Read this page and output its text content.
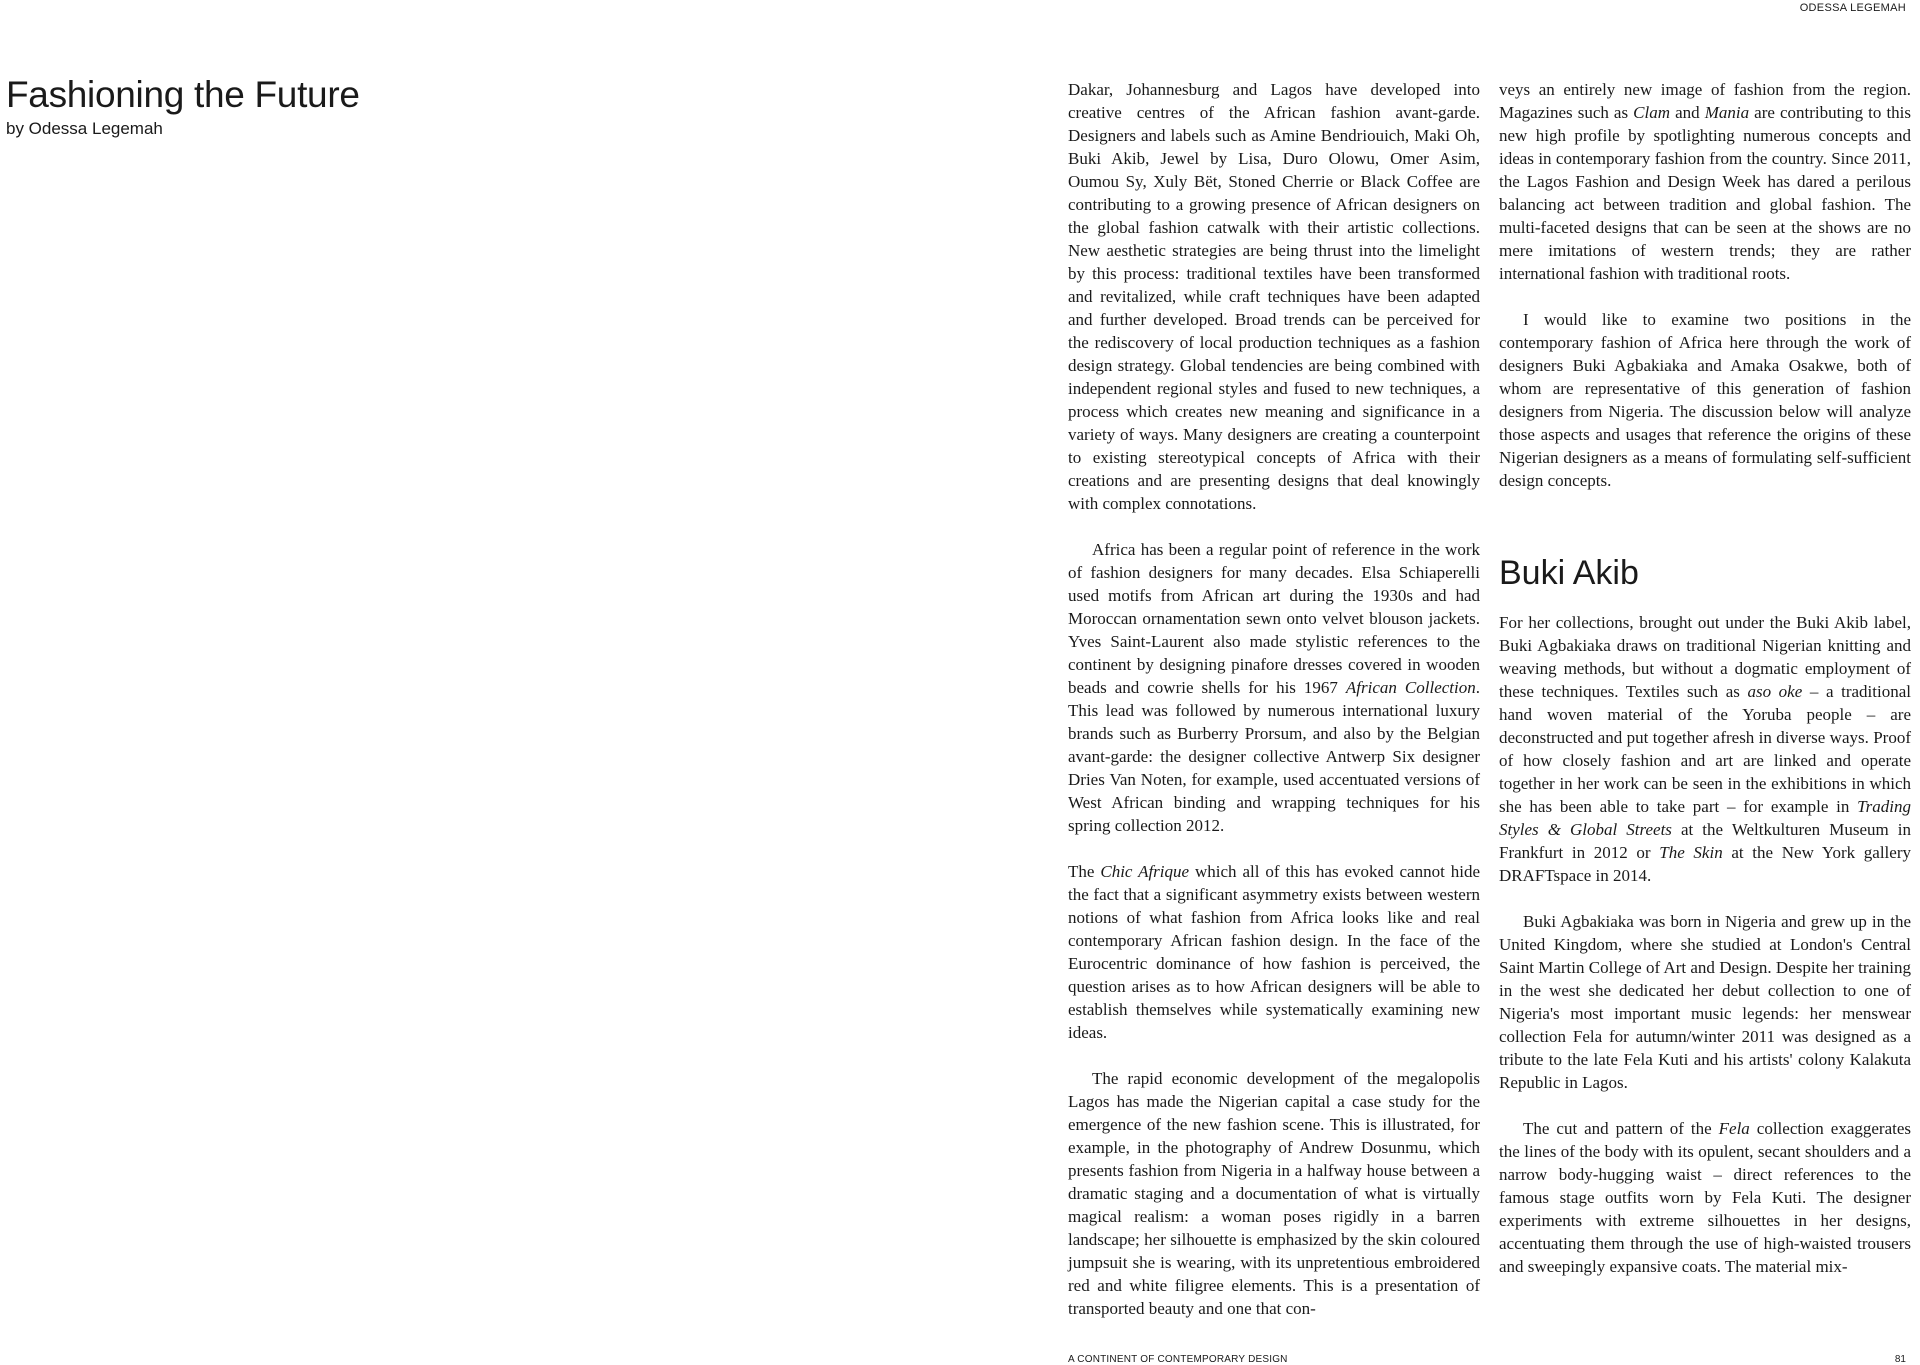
ODESSA LEGEMAH

Fashioning the Future

by Odessa Legemah

Dakar, Johannesburg and Lagos have developed into creative centres of the African fashion avant-garde. Designers and labels such as Amine Bendriouich, Maki Oh, Buki Akib, Jewel by Lisa, Duro Olowu, Omer Asim, Oumou Sy, Xuly Bët, Stoned Cherrie or Black Coffee are contributing to a growing presence of African designers on the global fashion catwalk with their artistic collections. New aesthetic strategies are being thrust into the limelight by this process: traditional textiles have been transformed and revitalized, while craft techniques have been adapted and further developed. Broad trends can be perceived for the rediscovery of local production techniques as a fashion design strategy. Global tendencies are being combined with independent regional styles and fused to new techniques, a process which creates new meaning and significance in a variety of ways. Many designers are creating a counterpoint to existing stereotypical concepts of Africa with their creations and are presenting designs that deal knowingly with complex connotations.

Africa has been a regular point of reference in the work of fashion designers for many decades. Elsa Schiaperelli used motifs from African art during the 1930s and had Moroccan ornamentation sewn onto velvet blouson jackets. Yves Saint-Laurent also made stylistic references to the continent by designing pinafore dresses covered in wooden beads and cowrie shells for his 1967 African Collection. This lead was followed by numerous international luxury brands such as Burberry Prorsum, and also by the Belgian avant-garde: the designer collective Antwerp Six designer Dries Van Noten, for example, used accentuated versions of West African binding and wrapping techniques for his spring collection 2012.

The Chic Afrique which all of this has evoked cannot hide the fact that a significant asymmetry exists between western notions of what fashion from Africa looks like and real contemporary African fashion design. In the face of the Eurocentric dominance of how fashion is perceived, the question arises as to how African designers will be able to establish themselves while systematically examining new ideas.

The rapid economic development of the megalopolis Lagos has made the Nigerian capital a case study for the emergence of the new fashion scene. This is illustrated, for example, in the photography of Andrew Dosunmu, which presents fashion from Nigeria in a halfway house between a dramatic staging and a documentation of what is virtually magical realism: a woman poses rigidly in a barren landscape; her silhouette is emphasized by the skin coloured jumpsuit she is wearing, with its unpretentious embroidered red and white filigree elements. This is a presentation of transported beauty and one that con-

veys an entirely new image of fashion from the region. Magazines such as Clam and Mania are contributing to this new high profile by spotlighting numerous concepts and ideas in contemporary fashion from the country. Since 2011, the Lagos Fashion and Design Week has dared a perilous balancing act between tradition and global fashion. The multi-faceted designs that can be seen at the shows are no mere imitations of western trends; they are rather international fashion with traditional roots.

I would like to examine two positions in the contemporary fashion of Africa here through the work of designers Buki Agbakiaka and Amaka Osakwe, both of whom are representative of this generation of fashion designers from Nigeria. The discussion below will analyze those aspects and usages that reference the origins of these Nigerian designers as a means of formulating self-sufficient design concepts.

Buki Akib

For her collections, brought out under the Buki Akib label, Buki Agbakiaka draws on traditional Nigerian knitting and weaving methods, but without a dogmatic employment of these techniques. Textiles such as aso oke – a traditional hand woven material of the Yoruba people – are deconstructed and put together afresh in diverse ways. Proof of how closely fashion and art are linked and operate together in her work can be seen in the exhibitions in which she has been able to take part – for example in Trading Styles & Global Streets at the Weltkulturen Museum in Frankfurt in 2012 or The Skin at the New York gallery DRAFTspace in 2014.

Buki Agbakiaka was born in Nigeria and grew up in the United Kingdom, where she studied at London's Central Saint Martin College of Art and Design. Despite her training in the west she dedicated her debut collection to one of Nigeria's most important music legends: her menswear collection Fela for autumn/winter 2011 was designed as a tribute to the late Fela Kuti and his artists' colony Kalakuta Republic in Lagos.

The cut and pattern of the Fela collection exaggerates the lines of the body with its opulent, secant shoulders and a narrow body-hugging waist – direct references to the famous stage outfits worn by Fela Kuti. The designer experiments with extreme silhouettes in her designs, accentuating them through the use of high-waisted trousers and sweepingly expansive coats. The material mix-

A CONTINENT OF CONTEMPORARY DESIGN	81
